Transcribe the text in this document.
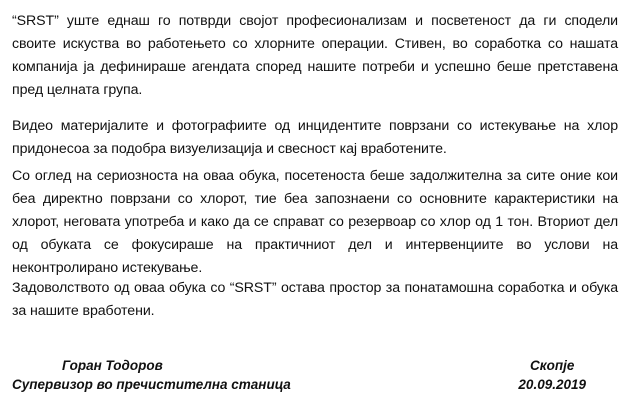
“SRST” уште еднаш го потврди својот професионализам и посветеност да ги сподели своите искуства во работењето со хлорните операции. Стивен, во соработка со нашата компанија ја дефинираше агендата според нашите потреби и успешно беше претставена пред целната група.

Видео материјалите и фотографиите од инцидентите поврзани со истекување на хлор придонесоа за подобра визуелизација и свесност кај вработените.

Со оглед на сериозноста на оваа обука, посетеноста беше задолжителна за сите оние кои беа директно поврзани со хлорот, тие беа запознаени со основните карактеристики на хлорот, неговата употреба и како да се справат со резервоар со хлор од 1 тон. Вториот дел од обуката се фокусираше на практичниот дел и интервенциите во услови на неконтролирано истекување.

Задоволството од оваа обука со “SRST” остава простор за понатамошна соработка и обука за нашите вработени.

Горан Тодоров
Супервизор во пречистителна станица
Скопје
20.09.2019
